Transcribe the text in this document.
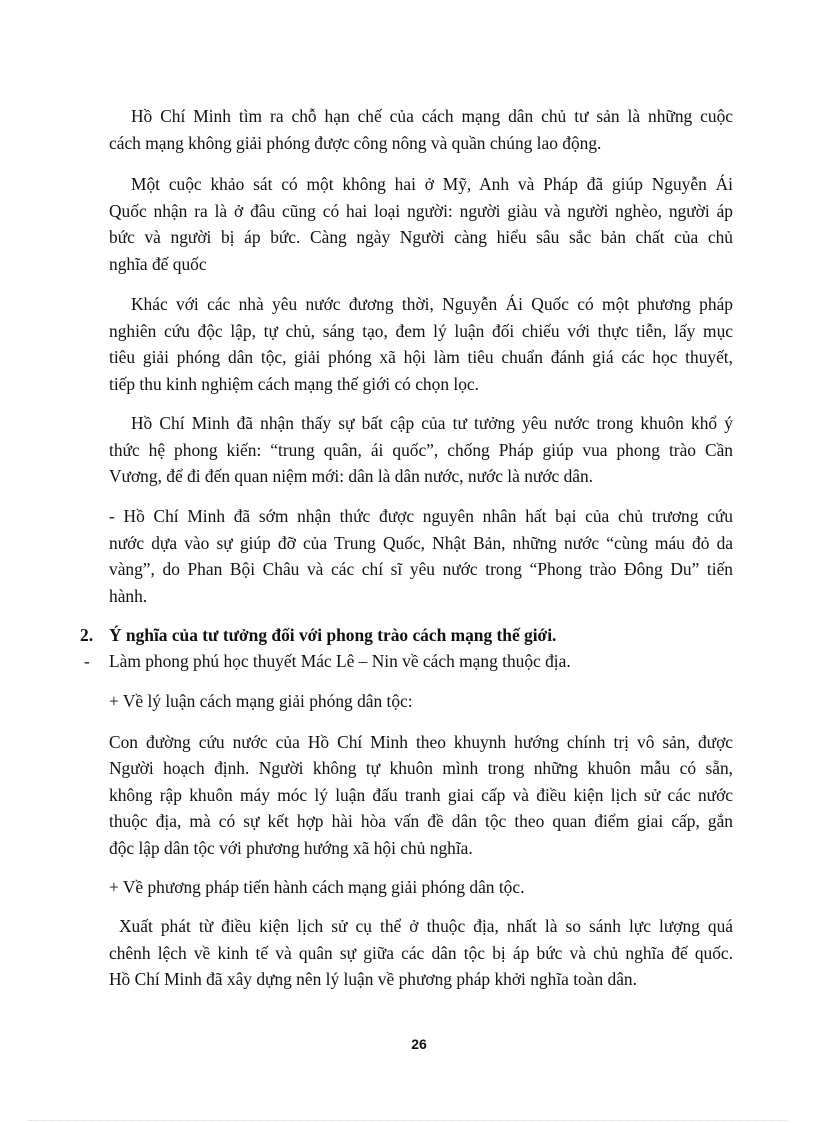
Hồ Chí Minh tìm ra chỗ hạn chế của cách mạng dân chủ tư sản là những cuộc
cách mạng không giải phóng được công nông và quần chúng lao động.
Một cuộc khảo sát có một không hai ở Mỹ, Anh và Pháp đã giúp Nguyễn Ái
Quốc nhận ra là ở đâu cũng có hai loại người: người giàu và người nghèo, người áp
bức và người bị áp bức. Càng ngày Người càng hiểu sâu sắc bản chất của chủ
nghĩa đế quốc
Khác với các nhà yêu nước đương thời, Nguyễn Ái Quốc có một phương pháp
nghiên cứu độc lập, tự chủ, sáng tạo, đem lý luận đối chiếu với thực tiễn, lấy mục
tiêu giải phóng dân tộc, giải phóng xã hội làm tiêu chuẩn đánh giá các học thuyết,
tiếp thu kinh nghiệm cách mạng thế giới có chọn lọc.
Hồ Chí Minh đã nhận thấy sự bất cập của tư tưởng yêu nước trong khuôn khổ ý
thức hệ phong kiến: “trung quân, ái quốc”, chống Pháp giúp vua phong trào Cần
Vương, để đi đến quan niệm mới: dân là dân nước, nước là nước dân.
- Hồ Chí Minh đã sớm nhận thức được nguyên nhân hất bại của chủ trương cứu
nước dựa vào sự giúp đỡ của Trung Quốc, Nhật Bản, những nước “cùng máu đỏ da
vàng”, do Phan Bội Châu và các chí sĩ yêu nước trong “Phong trào Đông Du” tiến
hành.
2. Ý nghĩa của tư tưởng đối với phong trào cách mạng thế giới.
- Làm phong phú học thuyết Mác Lê – Nin về cách mạng thuộc địa.
+ Về lý luận cách mạng giải phóng dân tộc:
Con đường cứu nước của Hồ Chí Minh theo khuynh hướng chính trị vô sản, được
Người hoạch định. Người không tự khuôn mình trong những khuôn mẫu có sẵn,
không rập khuôn máy móc lý luận đấu tranh giai cấp và điều kiện lịch sử các nước
thuộc địa, mà có sự kết hợp hài hòa vấn đề dân tộc theo quan điểm giai cấp, gắn
độc lập dân tộc với phương hướng xã hội chủ nghĩa.
+ Về phương pháp tiến hành cách mạng giải phóng dân tộc.
Xuất phát từ điều kiện lịch sử cụ thể ở thuộc địa, nhất là so sánh lực lượng quá
chênh lệch về kinh tế và quân sự giữa các dân tộc bị áp bức và chủ nghĩa đế quốc.
Hồ Chí Minh đã xây dựng nên lý luận về phương pháp khởi nghĩa toàn dân.
26
